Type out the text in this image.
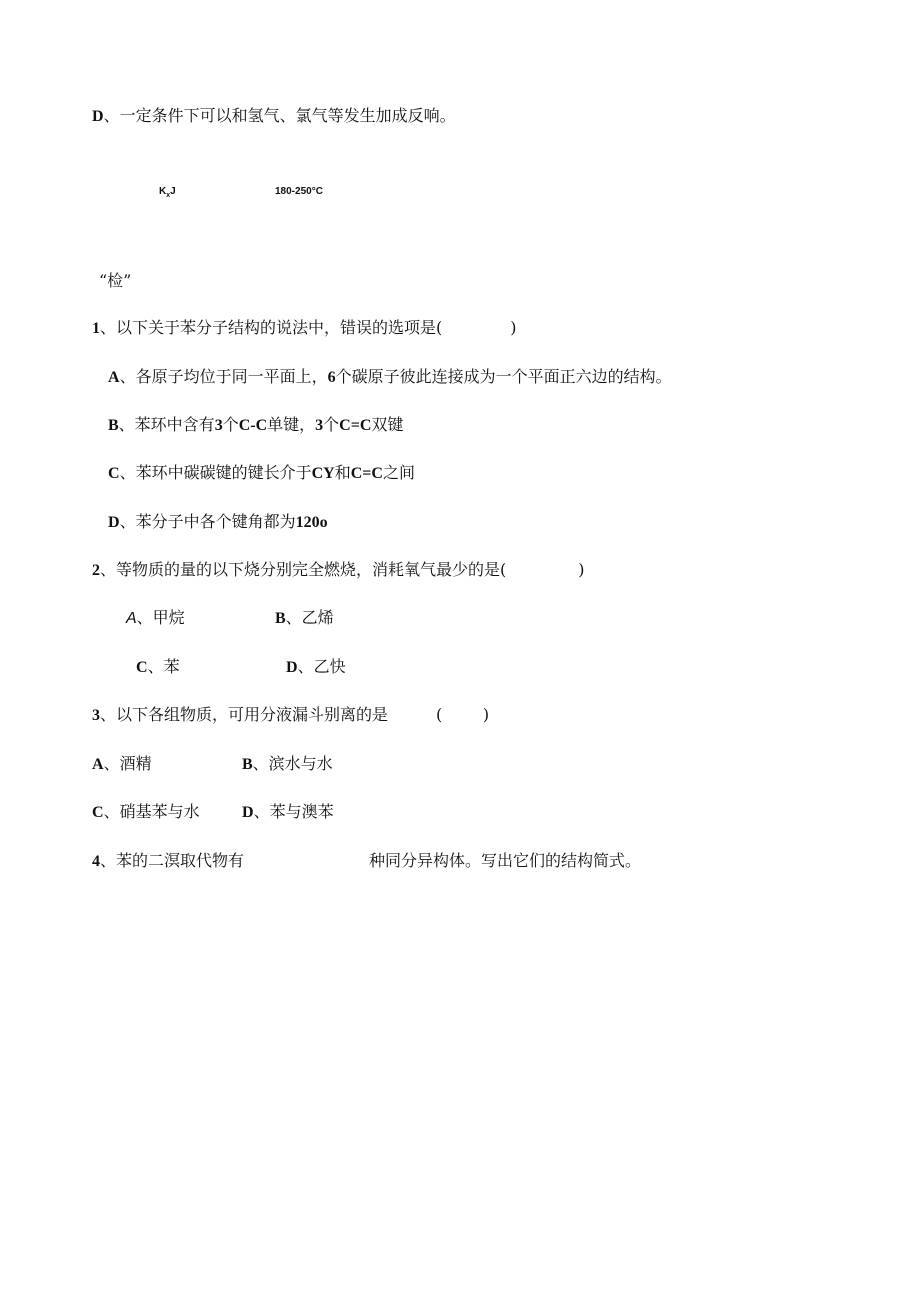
D、一定条件下可以和氢气、氯气等发生加成反响。
$K_xJ$	180-250°C
“检”
1、以下关于苯分子结构的说法中，错误的选项是(	)
A、各原子均位于同一平面上，6个碳原子彼此连接成为一个平面正六边的结构。
B、苯环中含有3个C-C单键，3个C=C双键
C、苯环中碳碳键的键长介于CY和C=C之间
D、苯分子中各个键角都为120o
2、等物质的量的以下烧分别完全燃烧，消耗氧气最少的是(	)
A、甲烷	B、乙烯
C、苯	D、乙快
3、以下各组物质，可用分液漏斗别离的是	(        )
A、酒精	B、滨水与水
C、硝基苯与水	D、苯与澳苯
4、苯的二溟取代物有	种同分异构体。写出它们的结构简式。
